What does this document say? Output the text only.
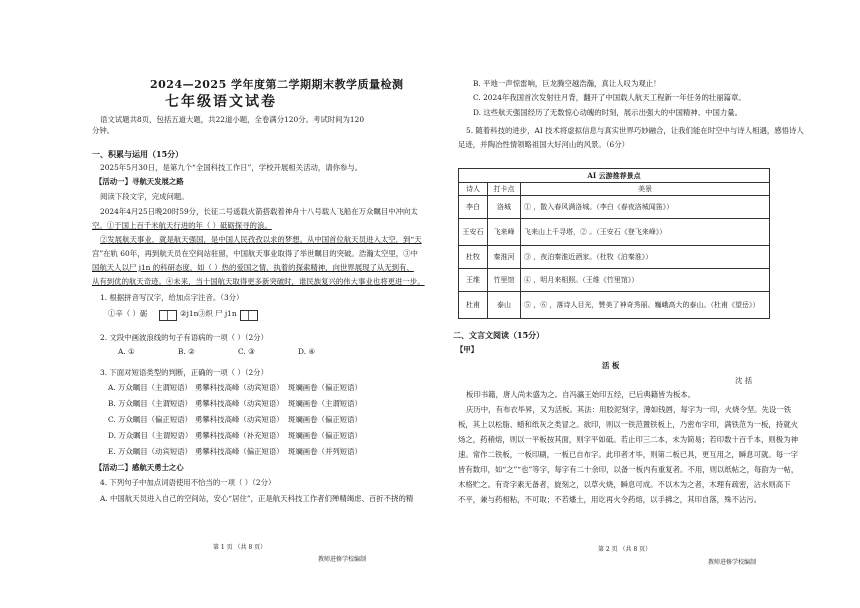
2024—2025 学年度第二学期期末教学质量检测
七年级语文试卷
语文试题共8页，包括五道大题，共22道小题，全卷满分120分。考试时间为120
分钟。
一、积累与运用（15分）
2025年5月30日，是第九个“全国科技工作日”，学校开展相关活动，请你参与。
【活动一】寻航天发展之路
阅读下段文字，完成问题。
2024年4月25日晚20时59分，长征二号遥载火箭搭载着神舟十八号载人飞船在万众瞩目中冲向太
空。①于国上百千米航天行进的年（ ）砥砺探寻的浪。
②发展航天事业，就是航天强国，是中国人民孜孜以求的梦想。从中国首位航天员进入太空，到“天
宫”在轨 60年，再到航天员在空间站驻留，中国航天事业取得了举世瞩目的突破。浩瀚太空里，③中
国航天人以尸 j1n 的科研态度，如（ ）热的爱国之情，执着的探索精神，向世界展现了从无到有、
从有到优的航天奇迹。④未来，当十国航天取得更多新突破时，谁民族复兴的伟大事业也将更进一步。
1. 根据拼音写汉字，给加点字注音。（3分）
①辛（ ）砺	②j1n ③炽 尸 j1n
2. 文段中画波浪线的句子有语病的一项（ ）（2分）
A. ①	B. ②	C. ③	D. ④
3. 下面对短语类型的判断，正确的一项（ ）（2分）
A. 万众瞩目（主谓短语） 勇攀科技高峰（动宾短语） 斑斓画卷（偏正短语）
B. 万众瞩目（主谓短语） 勇攀科技高峰（动宾短语） 斑斓画卷（主谓短语）
C. 万众瞩目（偏正短语） 勇攀科技高峰（动宾短语） 斑斓画卷（偏正短语）
D. 万众瞩目（主谓短语） 勇攀科技高峰（补充短语） 斑斓画卷（偏正短语）
E. 万众瞩目（动宾短语） 勇攀科技高峰（偏正短语） 斑斓画卷（并列短语）
【活动二】感航天勇士之心
4. 下列句子中加点词语使用不恰当的一项（ ）（2分）
A. 中国航天员进入自己的空间站，安心“居住”，正是航天科技工作者们殚精竭虑、百折不挠的精
第 1 页 （共 8 页）
教师进修学校编制
B. 平地一声惊雷响，巨龙腾空越浩瀚，真让人叹为观止！
C. 2024年我国首次发射往月背，翻开了中国载人航天工程新一年任务的壮丽篇章。
D. 这些航天强国经历了无数惊心动魄的时刻，展示出强大的中国精神、中国力量。
5. 随着科技的进步，AI 技术将虚拟信息与真实世界巧妙融合，让我们能在时空中与诗人相遇，感悟诗人
足迹，并陶冶性情领略祖国大好河山的风景。（6分）
AI 云游推荐景点		
诗人	打卡点	美景
李白	洛城	① ，散入春风满洛城。（李白《春夜洛城闻笛》）
王安石	飞来峰	飞来山上千寻塔，② 。（王安石《登飞来峰》）
杜牧	秦淮河	③ ，夜泊秦淮近酒家。（杜牧《泊秦淮》）
王维	竹里馆	④ ，明月来相照。（王维《竹里馆》）
杜甫	泰山	⑤ ，⑥ ，落诗人目光，赞美了神奇秀丽、巍峨高大的泰山。（杜甫《望岳》）
二、文言文阅读（15分）
【甲】
活 板
沈 括
板印书籍，唐人尚未盛为之。自冯瀛王始印五经，已后典籍皆为板本。
庆历中，有布衣毕昇，又为活板。其法：用胶泥刻字，薄如钱唇，每字为一印，火烧令坚。先设一铁
板，其上以松脂、蜡和纸灰之类冒之。欲印，则以一铁范置铁板上，乃密布字印，满铁范为一板，持就火
炀之，药稍熔，则以一平板按其面，则字平如砥。若止印三二本，未为简易；若印数十百千本，则极为神
速。常作二铁板，一板印刷，一板已自布字。此印者才毕，则第二板已具，更互用之，瞬息可就。每一字
皆有数印，如“之”“也”等字，每字有二十余印，以备一板内有重复者。不用，则以纸帖之，每韵为一帖，
木格贮之。有奇字素无备者，旋刻之，以草火烧，瞬息可成。不以木为之者，木理有疏密，沾水则高下
不平，兼与药相粘，不可取；不若燔土，用讫再火令药熔，以手拂之，其印自落，殊不沾污。
第 2 页 （共 8 页）
教师进修学校编制
